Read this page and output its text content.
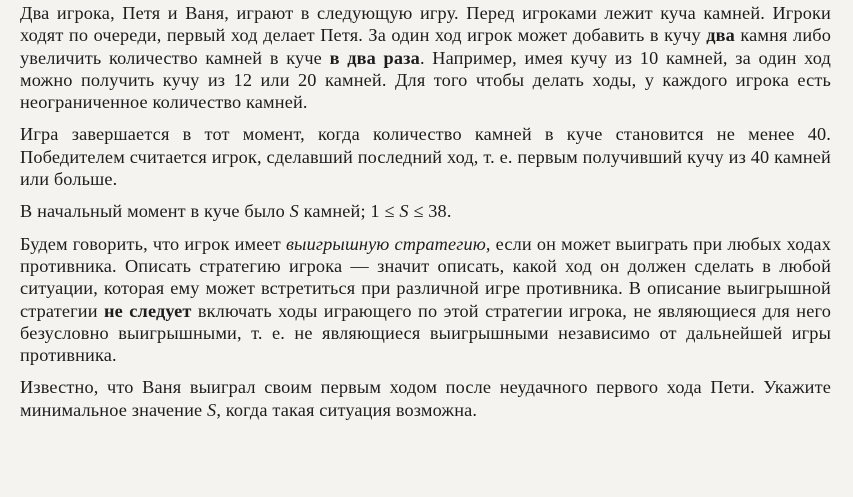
Два игрока, Петя и Ваня, играют в следующую игру. Перед игроками лежит куча камней. Игроки ходят по очереди, первый ход делает Петя. За один ход игрок может добавить в кучу два камня либо увеличить количество камней в куче в два раза. Например, имея кучу из 10 камней, за один ход можно получить кучу из 12 или 20 камней. Для того чтобы делать ходы, у каждого игрока есть неограниченное количество камней.

Игра завершается в тот момент, когда количество камней в куче становится не менее 40. Победителем считается игрок, сделавший последний ход, т. е. первым получивший кучу из 40 камней или больше.

В начальный момент в куче было S камней; 1 ≤ S ≤ 38.

Будем говорить, что игрок имеет выигрышную стратегию, если он может выиграть при любых ходах противника. Описать стратегию игрока — значит описать, какой ход он должен сделать в любой ситуации, которая ему может встретиться при различной игре противника. В описание выигрышной стратегии не следует включать ходы играющего по этой стратегии игрока, не являющиеся для него безусловно выигрышными, т. е. не являющиеся выигрышными независимо от дальнейшей игры противника.

Известно, что Ваня выиграл своим первым ходом после неудачного первого хода Пети. Укажите минимальное значение S, когда такая ситуация возможна.
